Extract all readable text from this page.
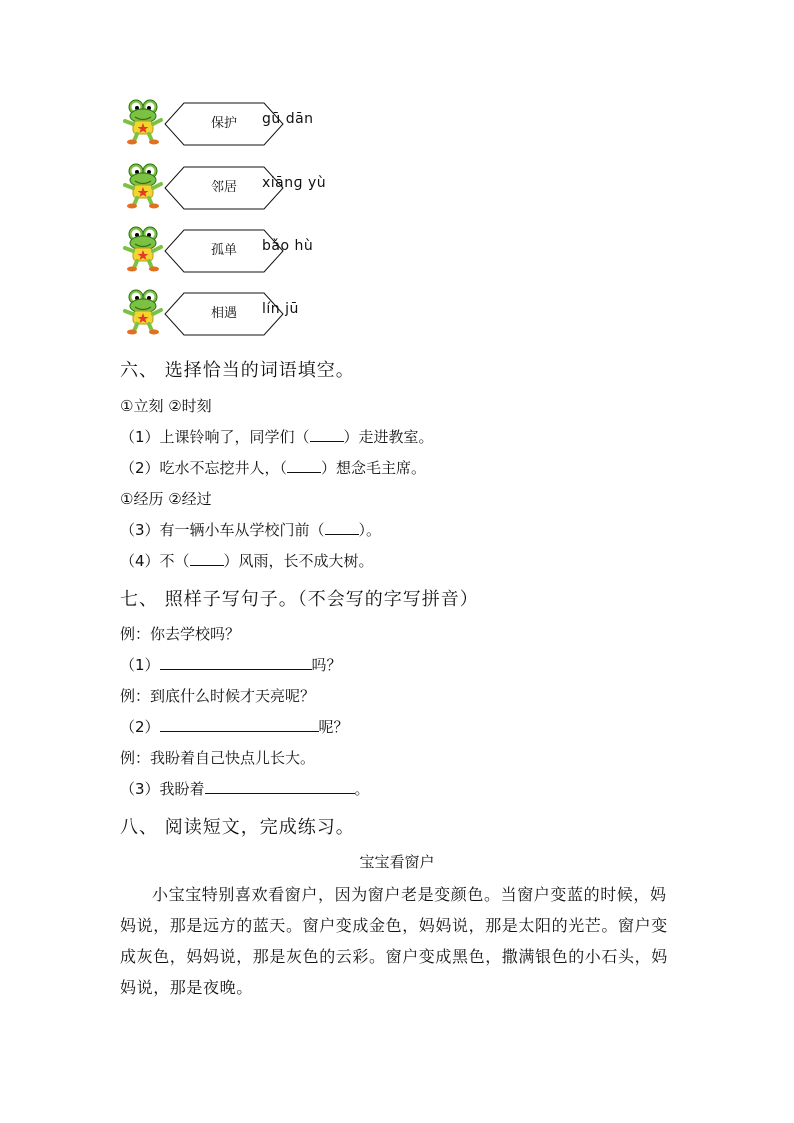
保护	gū dān
邻居	xiānɡ yù
孤单	bǎo hù
相遇	lín jū
六、 选择恰当的词语填空。
①立刻 ②时刻
（1）上课铃响了，同学们（ ）走进教室。
（2）吃水不忘挖井人，（ ）想念毛主席。
①经历 ②经过
（3）有一辆小车从学校门前（ ）。
（4）不（ ）风雨，长不成大树。
七、 照样子写句子。（不会写的字写拼音）
例：你去学校吗？
（1）	吗？
例：到底什么时候才天亮呢？
（2）	呢？
例：我盼着自己快点儿长大。
（3）我盼着	。
八、 阅读短文，完成练习。
宝宝看窗户
小宝宝特别喜欢看窗户，因为窗户老是变颜色。当窗户变蓝的时候，妈妈说，那是远方的蓝天。窗户变成金色，妈妈说，那是太阳的光芒。窗户变成灰色，妈妈说，那是灰色的云彩。窗户变成黑色，撒满银色的小石头，妈妈说，那是夜晚。
